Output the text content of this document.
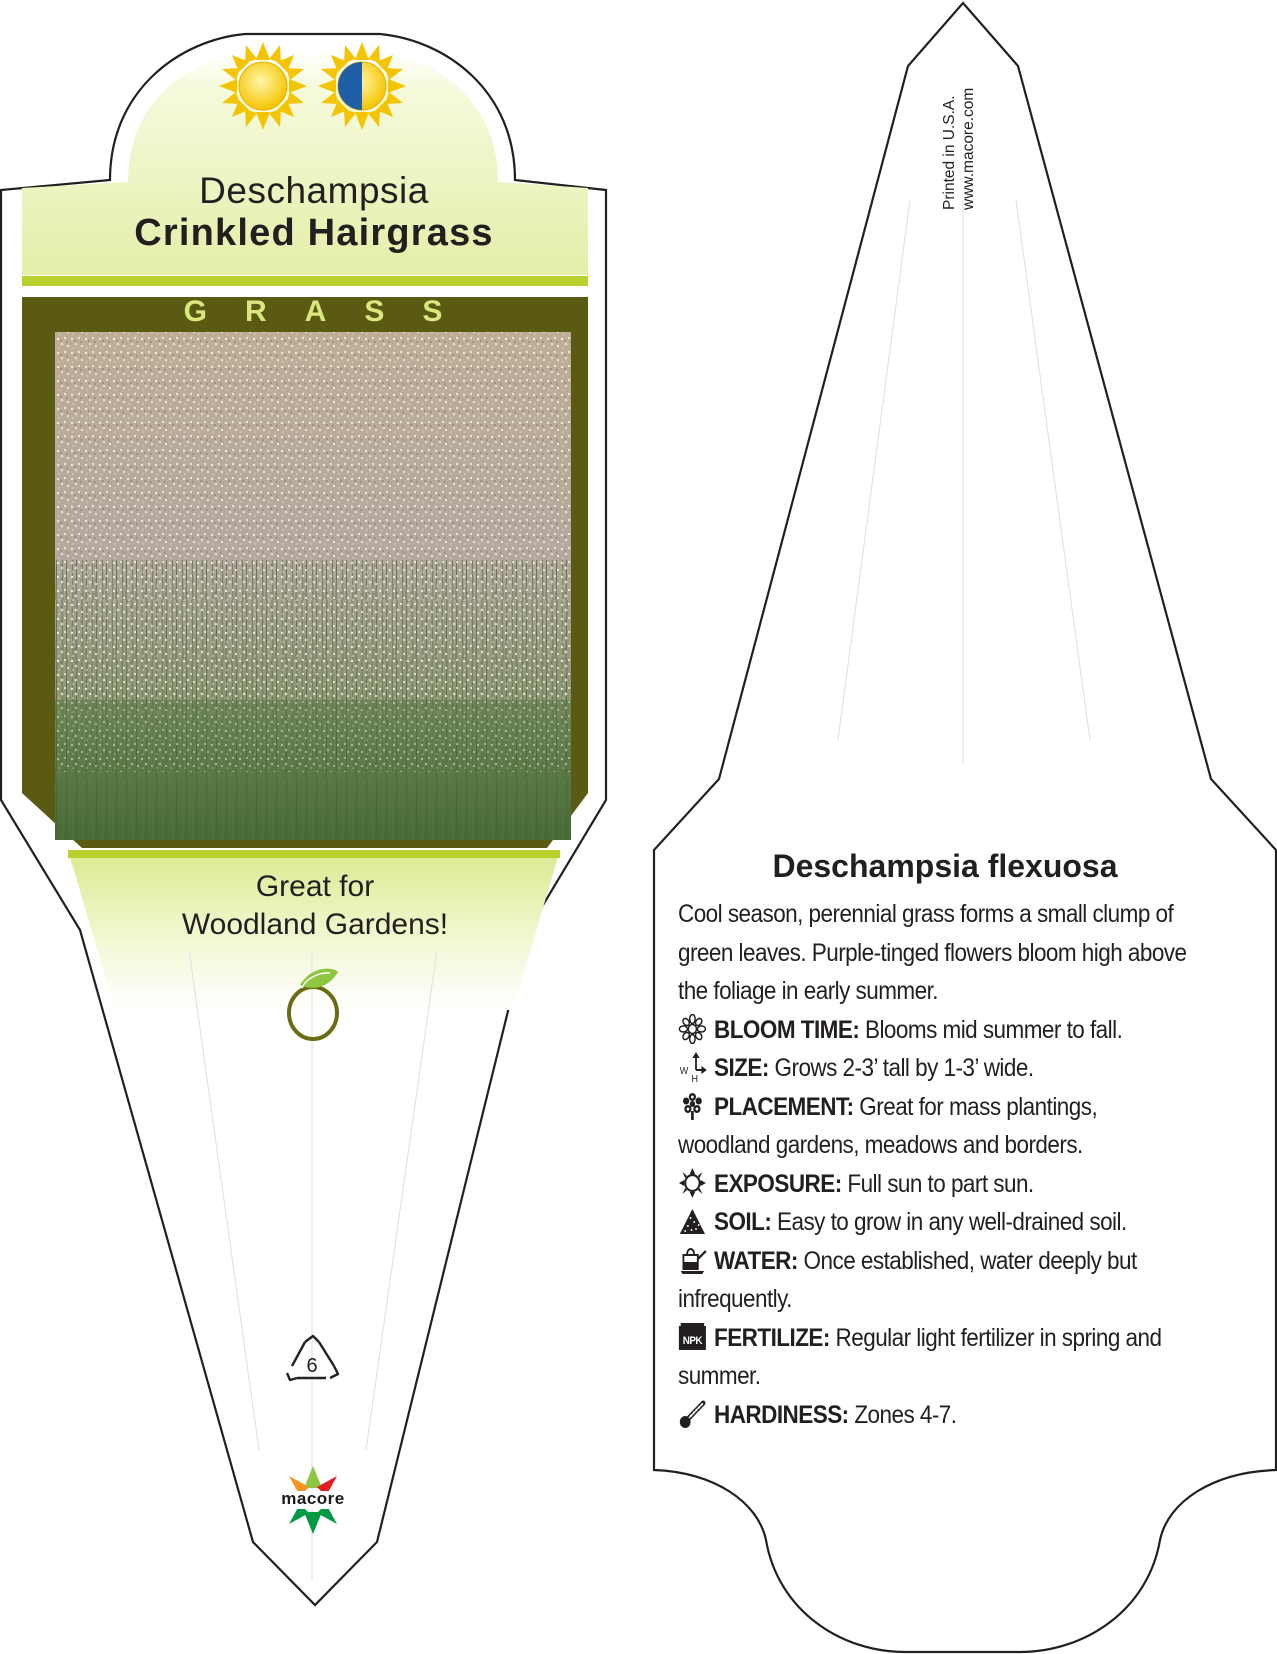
Deschampsia
Crinkled Hairgrass
GRASS
Great for
Woodland Gardens!
6
macore
Printed in U.S.A. www.macore.com
Deschampsia flexuosa

Cool season, perennial grass forms a small clump of green leaves. Purple-tinged flowers bloom high above the foliage in early summer.

BLOOM TIME: Blooms mid summer to fall.
W
H SIZE: Grows 2-3’ tall by 1-3’ wide.
PLACEMENT: Great for mass plantings, woodland gardens, meadows and borders.
EXPOSURE: Full sun to part sun.
SOIL: Easy to grow in any well-drained soil.
WATER: Once established, water deeply but infrequently.
NPK FERTILIZE: Regular light fertilizer in spring and summer.
HARDINESS: Zones 4-7.
